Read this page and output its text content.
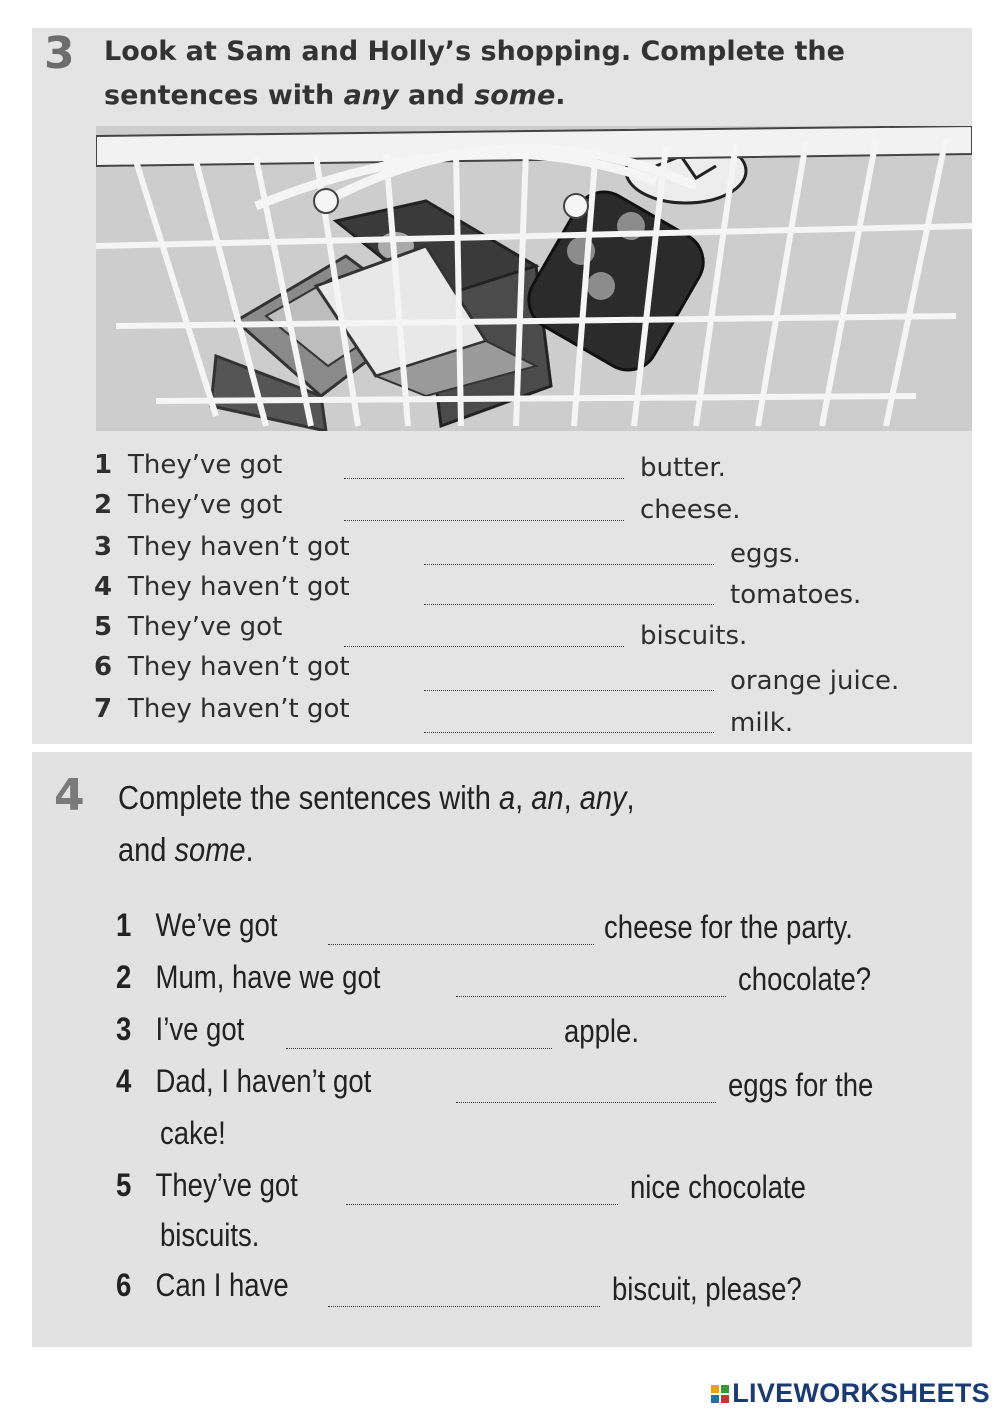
3 Look at Sam and Holly’s shopping. Complete the sentences with any and some.
1 They’ve got	butter.
2 They’ve got	cheese.
3 They haven’t got	eggs.
4 They haven’t got	tomatoes.
5 They’ve got	biscuits.
6 They haven’t got	orange juice.
7 They haven’t got	milk.
4 Complete the sentences with a, an, any,
and some.
1 We’ve got	cheese for the party.
2 Mum, have we got	chocolate?
3 I’ve got	apple.
4 Dad, I haven’t got	eggs for the
cake!
5 They’ve got	nice chocolate
biscuits.
6 Can I have	biscuit, please?
LIVEWORKSHEETS
